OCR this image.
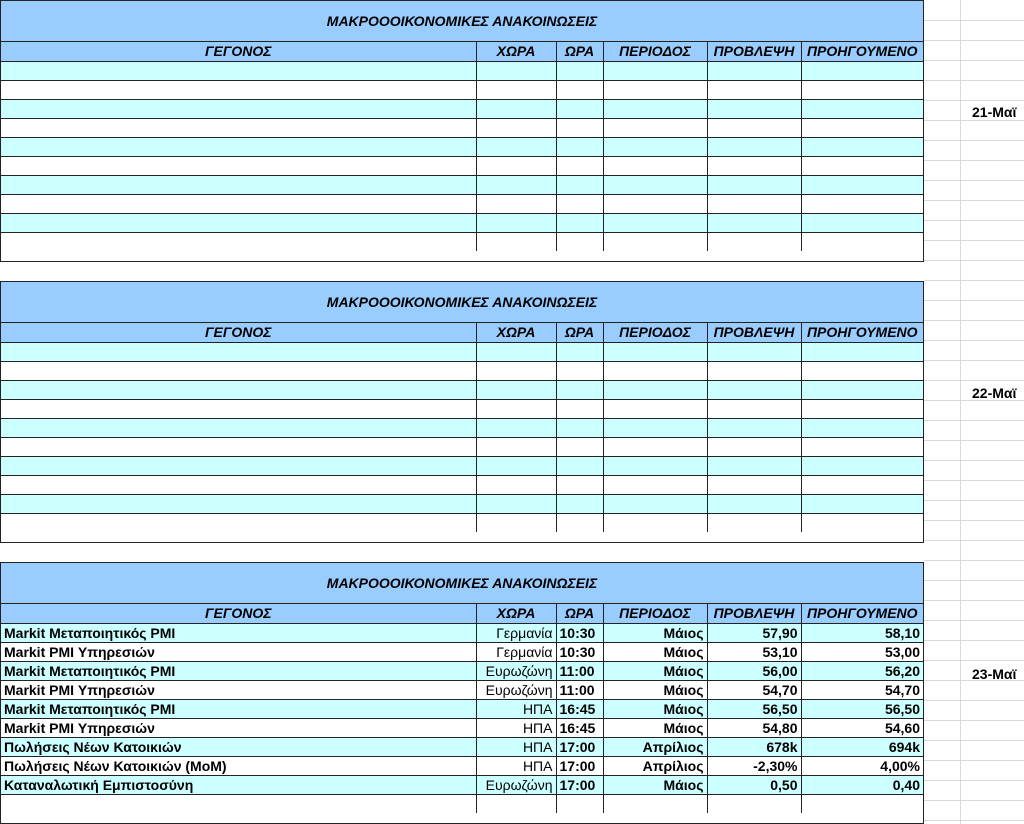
ΜΑΚΡΟΟΟΙΚΟΝΟΜΙΚΕΣ ΑΝΑΚΟΙΝΩΣΕΙΣ
ΓΕΓΟΝΟΣ	ΧΩΡΑ	ΩΡΑ	ΠΕΡΙΟΔΟΣ	ΠΡΟΒΛΕΨΗ	ΠΡΟΗΓΟΥΜΕΝΟ

21-Μαϊ
ΜΑΚΡΟΟΟΙΚΟΝΟΜΙΚΕΣ ΑΝΑΚΟΙΝΩΣΕΙΣ
ΓΕΓΟΝΟΣ	ΧΩΡΑ	ΩΡΑ	ΠΕΡΙΟΔΟΣ	ΠΡΟΒΛΕΨΗ	ΠΡΟΗΓΟΥΜΕΝΟ

22-Μαϊ
ΜΑΚΡΟΟΟΙΚΟΝΟΜΙΚΕΣ ΑΝΑΚΟΙΝΩΣΕΙΣ
ΓΕΓΟΝΟΣ	ΧΩΡΑ	ΩΡΑ	ΠΕΡΙΟΔΟΣ	ΠΡΟΒΛΕΨΗ	ΠΡΟΗΓΟΥΜΕΝΟ
Markit Μεταποιητικός PMI	Γερμανία	10:30	Μάιος	57,90	58,10
Markit PMI Υπηρεσιών	Γερμανία	10:30	Μάιος	53,10	53,00
Markit Μεταποιητικός PMI	Ευρωζώνη	11:00	Μάιος	56,00	56,20
Markit PMI Υπηρεσιών	Ευρωζώνη	11:00	Μάιος	54,70	54,70
Markit Μεταποιητικός PMI	ΗΠΑ	16:45	Μάιος	56,50	56,50
Markit PMI Υπηρεσιών	ΗΠΑ	16:45	Μάιος	54,80	54,60
Πωλήσεις Νέων Κατοικιών	ΗΠΑ	17:00	Απρίλιος	678k	694k
Πωλήσεις Νέων Κατοικιών (MoM)	ΗΠΑ	17:00	Απρίλιος	-2,30%	4,00%
Καταναλωτική Εμπιστοσύνη	Ευρωζώνη	17:00	Μάιος	0,50	0,40

23-Μαϊ
